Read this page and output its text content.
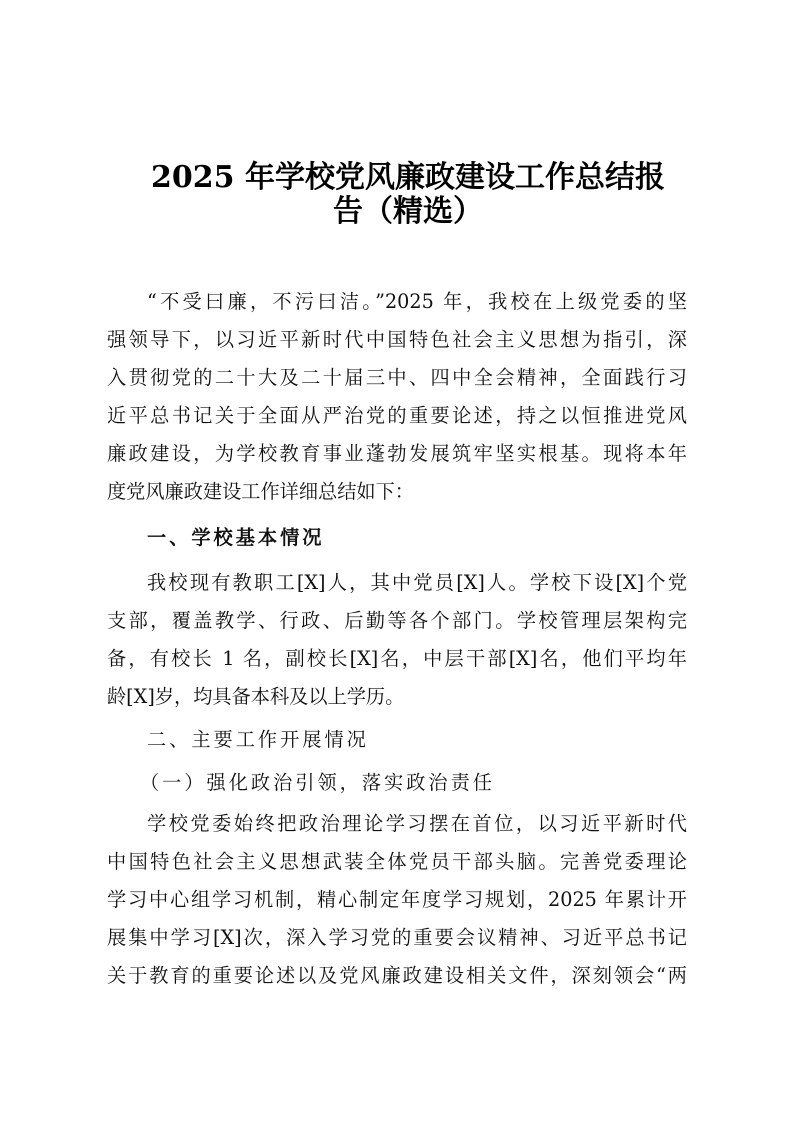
2025 年学校党风廉政建设工作总结报
告（精选）
“不受曰廉，不污曰洁。”2025 年，我校在上级党委的坚
强领导下，以习近平新时代中国特色社会主义思想为指引，深
入贯彻党的二十大及二十届三中、四中全会精神，全面践行习
近平总书记关于全面从严治党的重要论述，持之以恒推进党风
廉政建设，为学校教育事业蓬勃发展筑牢坚实根基。现将本年
度党风廉政建设工作详细总结如下：
一、学校基本情况
我校现有教职工[X]人，其中党员[X]人。学校下设[X]个党
支部，覆盖教学、行政、后勤等各个部门。学校管理层架构完
备，有校长 1 名，副校长[X]名，中层干部[X]名，他们平均年
龄[X]岁，均具备本科及以上学历。
二、主要工作开展情况
（一）强化政治引领，落实政治责任
学校党委始终把政治理论学习摆在首位，以习近平新时代
中国特色社会主义思想武装全体党员干部头脑。完善党委理论
学习中心组学习机制，精心制定年度学习规划，2025 年累计开
展集中学习[X]次，深入学习党的重要会议精神、习近平总书记
关于教育的重要论述以及党风廉政建设相关文件，深刻领会“两
